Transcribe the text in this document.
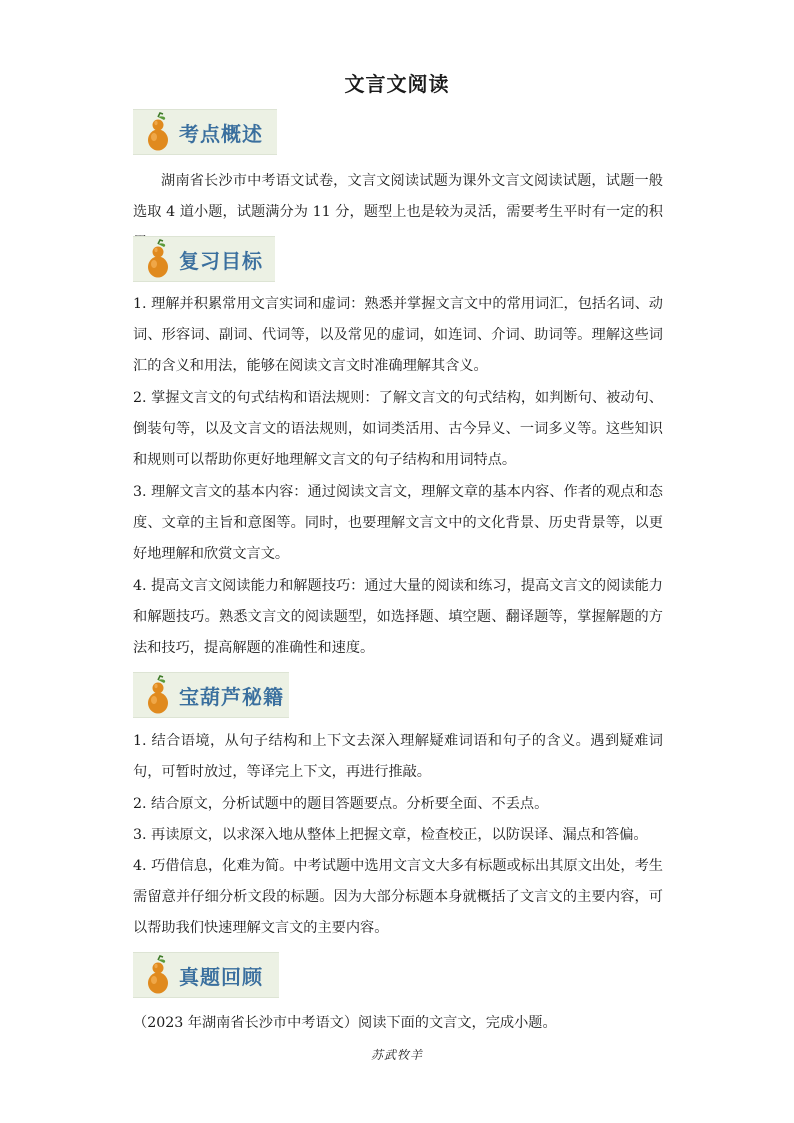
文言文阅读
考点概述

湖南省长沙市中考语文试卷，文言文阅读试题为课外文言文阅读试题，试题一般选取 4 道小题，试题满分为 11 分，题型上也是较为灵活，需要考生平时有一定的积

复习目标

1. 理解并积累常用文言实词和虚词：熟悉并掌握文言文中的常用词汇，包括名词、动词、形容词、副词、代词等，以及常见的虚词，如连词、介词、助词等。理解这些词汇的含义和用法，能够在阅读文言文时准确理解其含义。

2. 掌握文言文的句式结构和语法规则：了解文言文的句式结构，如判断句、被动句、倒装句等，以及文言文的语法规则，如词类活用、古今异义、一词多义等。这些知识和规则可以帮助你更好地理解文言文的句子结构和用词特点。

3. 理解文言文的基本内容：通过阅读文言文，理解文章的基本内容、作者的观点和态度、文章的主旨和意图等。同时，也要理解文言文中的文化背景、历史背景等，以更好地理解和欣赏文言文。

4. 提高文言文阅读能力和解题技巧：通过大量的阅读和练习，提高文言文的阅读能力和解题技巧。熟悉文言文的阅读题型，如选择题、填空题、翻译题等，掌握解题的方法和技巧，提高解题的准确性和速度。

宝葫芦秘籍

1. 结合语境，从句子结构和上下文去深入理解疑难词语和句子的含义。遇到疑难词句，可暂时放过，等译完上下文，再进行推敲。

2. 结合原文，分析试题中的题目答题要点。分析要全面、不丢点。

3. 再读原文，以求深入地从整体上把握文章，检查校正，以防误译、漏点和答偏。

4. 巧借信息，化难为简。中考试题中选用文言文大多有标题或标出其原文出处，考生需留意并仔细分析文段的标题。因为大部分标题本身就概括了文言文的主要内容，可以帮助我们快速理解文言文的主要内容。

真题回顾

（2023 年湖南省长沙市中考语文）阅读下面的文言文，完成小题。

苏武牧羊
